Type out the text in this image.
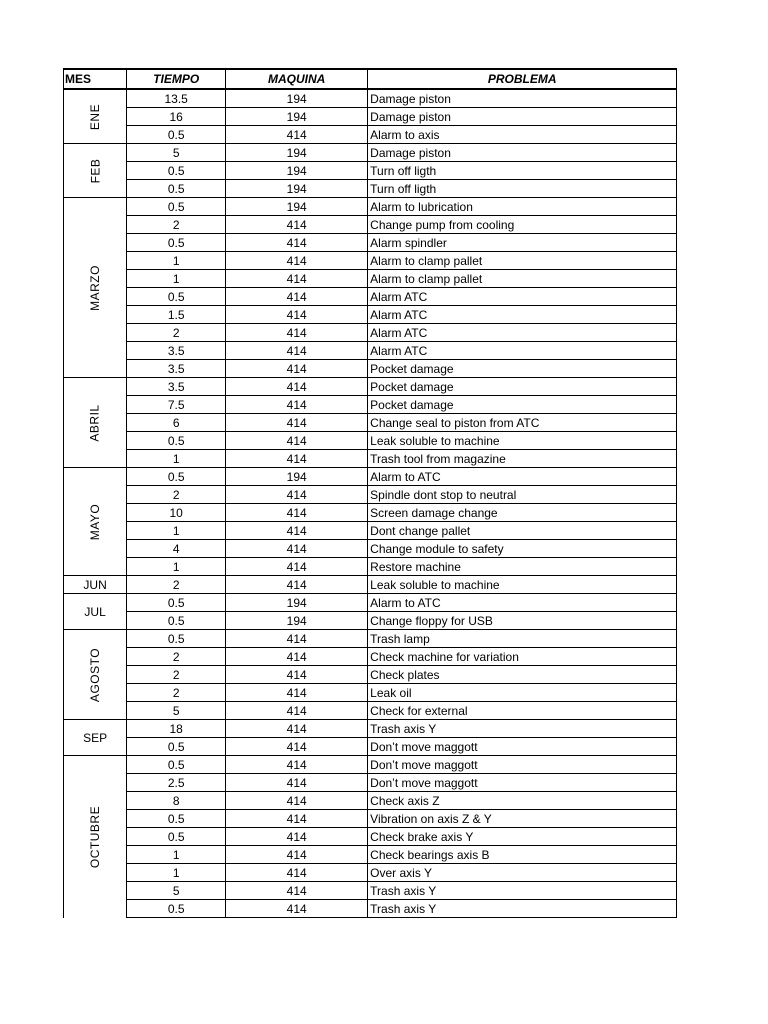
MES	TIEMPO	MAQUINA	PROBLEMA
ENE	13.5	194	Damage piston
	16	194	Damage piston
	0.5	414	Alarm to axis
FEB	5	194	Damage piston
	0.5	194	Turn off ligth
	0.5	194	Turn off ligth
MARZO	0.5	194	Alarm to lubrication
	2	414	Change pump from cooling
	0.5	414	Alarm spindler
	1	414	Alarm to clamp pallet
	1	414	Alarm to clamp pallet
	0.5	414	Alarm ATC
	1.5	414	Alarm ATC
	2	414	Alarm ATC
	3.5	414	Alarm ATC
	3.5	414	Pocket damage
ABRIL	3.5	414	Pocket damage
	7.5	414	Pocket damage
	6	414	Change seal to piston from ATC
	0.5	414	Leak soluble to machine
	1	414	Trash tool from magazine
MAYO	0.5	194	Alarm to ATC
	2	414	Spindle dont stop to neutral
	10	414	Screen damage change
	1	414	Dont change pallet
	4	414	Change module to safety
	1	414	Restore machine
JUN	2	414	Leak soluble to machine
JUL	0.5	194	Alarm to ATC
	0.5	194	Change floppy for USB
AGOSTO	0.5	414	Trash lamp
	2	414	Check machine for variation
	2	414	Check plates
	2	414	Leak oil
	5	414	Check for external
SEP	18	414	Trash axis Y
	0.5	414	Don’t move maggott
OCTUBRE	0.5	414	Don’t move maggott
	2.5	414	Don’t move maggott
	8	414	Check axis Z
	0.5	414	Vibration on axis Z & Y
	0.5	414	Check brake axis Y
	1	414	Check bearings axis B
	1	414	Over axis Y
	5	414	Trash axis Y
	0.5	414	Trash axis Y
